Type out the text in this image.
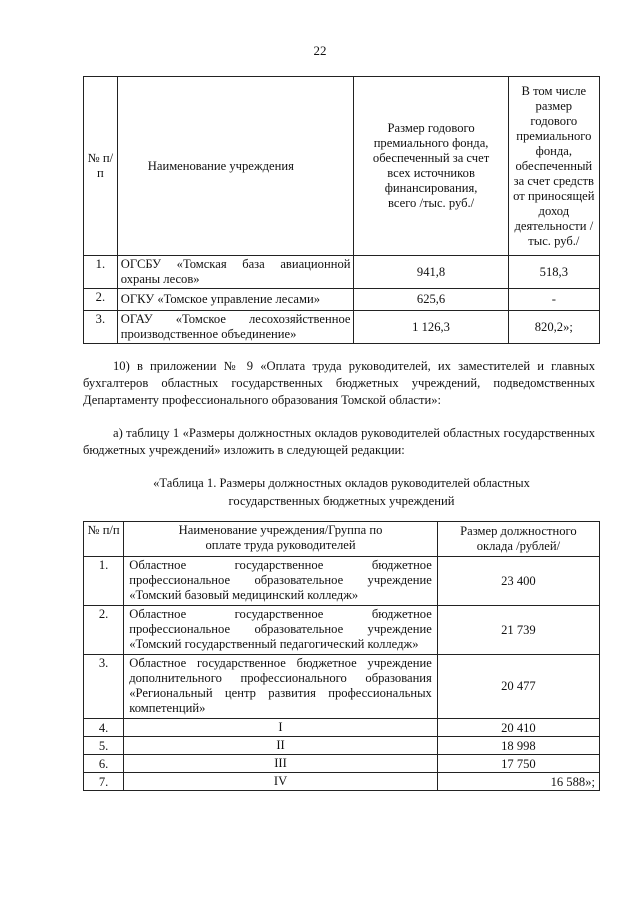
22
№ п/п	Наименование учреждения	Размер годового премиального фонда, обеспеченный за счет всех источников финансирования, всего /тыс. руб./	В том числе размер годового премиального фонда, обеспеченный за счет средств от приносящей доход деятельности /тыс. руб./
1.	ОГСБУ «Томская база авиационной охраны лесов»	941,8	518,3
2.	ОГКУ «Томское управление лесами»	625,6	-
3.	ОГАУ «Томское лесохозяйственное производственное объединение»	1 126,3	820,2»;
10) в приложении № 9 «Оплата труда руководителей, их заместителей и главных бухгалтеров областных государственных бюджетных учреждений, подведомственных Департаменту профессионального образования Томской области»:
а) таблицу 1 «Размеры должностных окладов руководителей областных государственных бюджетных учреждений» изложить в следующей редакции:
«Таблица 1. Размеры должностных окладов руководителей областных
государственных бюджетных учреждений
№ п/п	Наименование учреждения/Группа по оплате труда руководителей	Размер должностного оклада /рублей/
1.	Областное государственное бюджетное профессиональное образовательное учреждение «Томский базовый медицинский колледж»	23 400
2.	Областное государственное бюджетное профессиональное образовательное учреждение «Томский государственный педагогический колледж»	21 739
3.	Областное государственное бюджетное учреждение дополнительного профессионального образования «Региональный центр развития профессиональных компетенций»	20 477
4.	I	20 410
5.	II	18 998
6.	III	17 750
7.	IV	16 588»;
